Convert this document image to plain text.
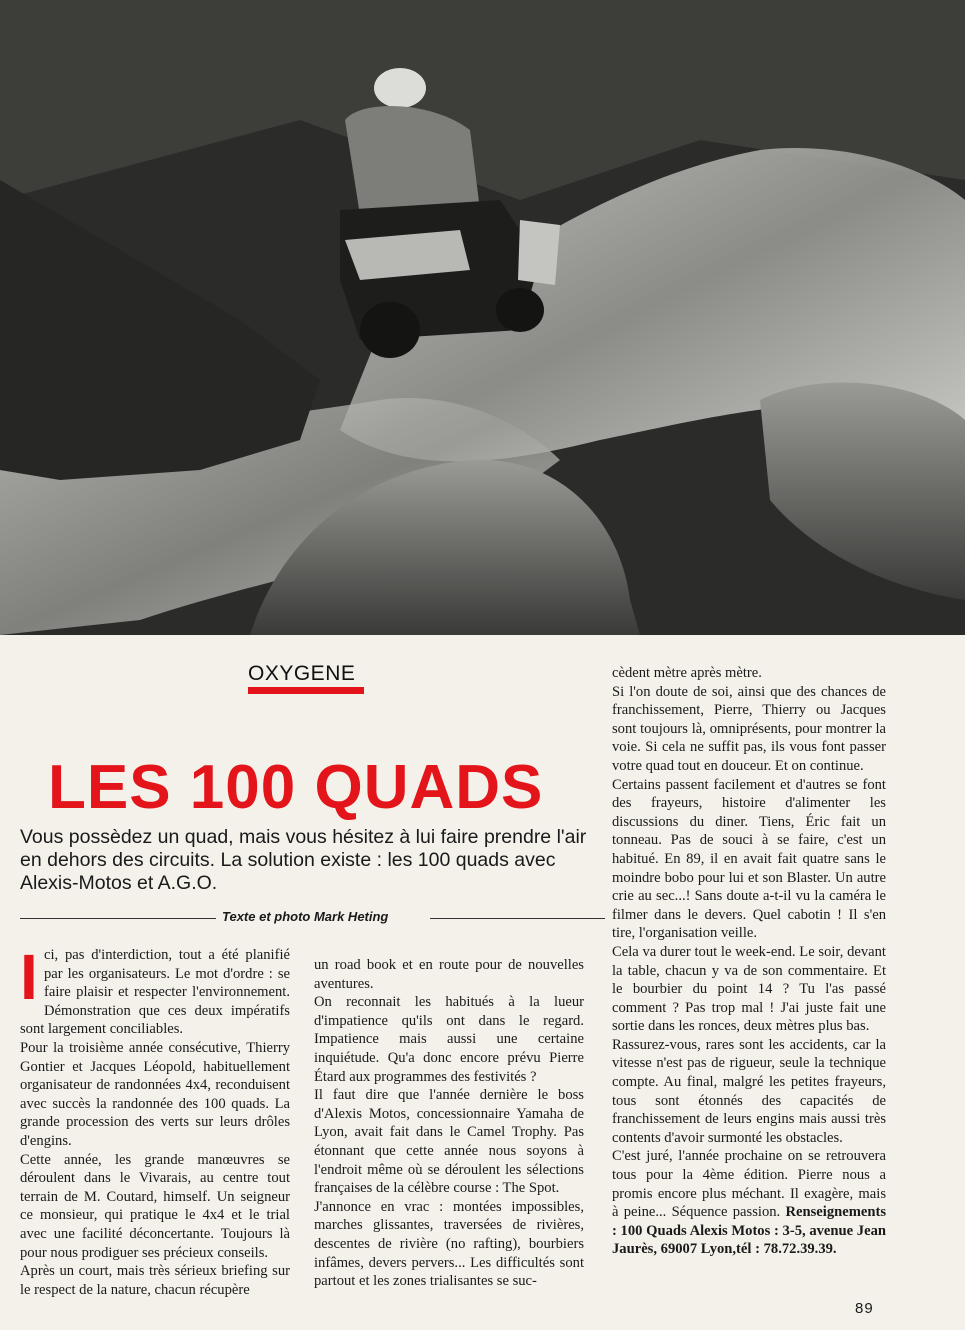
OXYGENE
LES 100 QUADS
Vous possèdez un quad, mais vous hésitez à lui faire prendre l'air en dehors des circuits. La solution existe : les 100 quads avec Alexis-Motos et A.G.O.
Texte et photo Mark Heting

Ici, pas d'interdiction, tout a été planifié par les organisateurs. Le mot d'ordre : se faire plaisir et respecter l'environnement. Démonstration que ces deux impératifs sont largement conciliables.

Pour la troisième année consécutive, Thierry Gontier et Jacques Léopold, habituellement organisateur de randonnées 4x4, reconduisent avec succès la randonnée des 100 quads. La grande procession des verts sur leurs drôles d'engins.

Cette année, les grande manœuvres se déroulent dans le Vivarais, au centre tout terrain de M. Coutard, himself. Un seigneur ce monsieur, qui pratique le 4x4 et le trial avec une facilité déconcertante. Toujours là pour nous prodiguer ses précieux conseils.

Après un court, mais très sérieux briefing sur le respect de la nature, chacun récupère

un road book et en route pour de nouvelles aventures.

On reconnait les habitués à la lueur d'impatience qu'ils ont dans le regard. Impatience mais aussi une certaine inquiétude. Qu'a donc encore prévu Pierre Étard aux programmes des festivités ?

Il faut dire que l'année dernière le boss d'Alexis Motos, concessionnaire Yamaha de Lyon, avait fait dans le Camel Trophy. Pas étonnant que cette année nous soyons à l'endroit même où se déroulent les sélections françaises de la célèbre course : The Spot.

J'annonce en vrac : montées impossibles, marches glissantes, traversées de rivières, descentes de rivière (no rafting), bourbiers infâmes, devers pervers... Les difficultés sont partout et les zones trialisantes se suc-

cèdent mètre après mètre.

Si l'on doute de soi, ainsi que des chances de franchissement, Pierre, Thierry ou Jacques sont toujours là, omniprésents, pour montrer la voie. Si cela ne suffit pas, ils vous font passer votre quad tout en douceur. Et on continue.

Certains passent facilement et d'autres se font des frayeurs, histoire d'alimenter les discussions du diner. Tiens, Éric fait un tonneau. Pas de souci à se faire, c'est un habitué. En 89, il en avait fait quatre sans le moindre bobo pour lui et son Blaster. Un autre crie au sec...! Sans doute a-t-il vu la caméra le filmer dans le devers. Quel cabotin ! Il s'en tire, l'organisation veille.

Cela va durer tout le week-end. Le soir, devant la table, chacun y va de son commentaire. Et le bourbier du point 14 ? Tu l'as passé comment ? Pas trop mal ! J'ai juste fait une sortie dans les ronces, deux mètres plus bas.

Rassurez-vous, rares sont les accidents, car la vitesse n'est pas de rigueur, seule la technique compte. Au final, malgré les petites frayeurs, tous sont étonnés des capacités de franchissement de leurs engins mais aussi très contents d'avoir surmonté les obstacles.

C'est juré, l'année prochaine on se retrouvera tous pour la 4ème édition. Pierre nous a promis encore plus méchant. Il exagère, mais à peine... Séquence passion. Renseignements : 100 Quads Alexis Motos : 3-5, avenue Jean Jaurès, 69007 Lyon,tél : 78.72.39.39.

89
